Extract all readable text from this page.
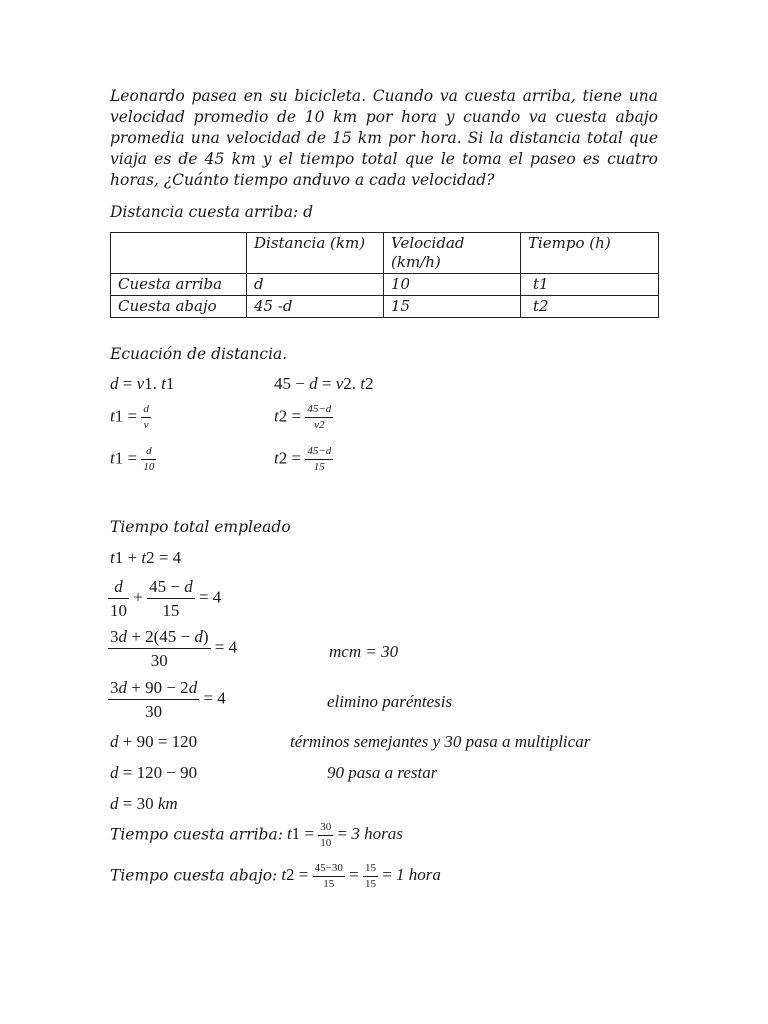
Leonardo pasea en su bicicleta. Cuando va cuesta arriba, tiene una velocidad promedio de 10 km por hora y cuando va cuesta abajo promedia una velocidad de 15 km por hora. Si la distancia total que viaja es de 45 km y el tiempo total que le toma el paseo es cuatro horas, ¿Cuánto tiempo anduvo a cada velocidad?
Distancia cuesta arriba: d
	Distancia (km)	Velocidad (km/h)	Tiempo (h)
Cuesta arriba	d	10	t1
Cuesta abajo	45 -d	15	t2
Ecuación de distancia.
d = v1. t1	45 − d = v2. t2
$t1 = \frac{d}{v}$	$t2 = \frac{45-d}{v2}$
$t1 = \frac{d}{10}$	$t2 = \frac{45-d}{15}$
Tiempo total empleado
t1 + t2 = 4
$\frac{d}{10} + \frac{45 - d}{15} = 4$
$\frac{3d + 2(45 - d)}{30} = 4$	mcm = 30
$\frac{3d + 90 - 2d}{30} = 4$	elimino paréntesis
d + 90 = 120	términos semejantes y 30 pasa a multiplicar
d = 120 − 90	90 pasa a restar
d = 30 km
Tiempo cuesta arriba: $t1 = \frac{30}{10} = 3$ horas
Tiempo cuesta abajo: $t2 = \frac{45-30}{15} = \frac{15}{15} = 1$ hora
